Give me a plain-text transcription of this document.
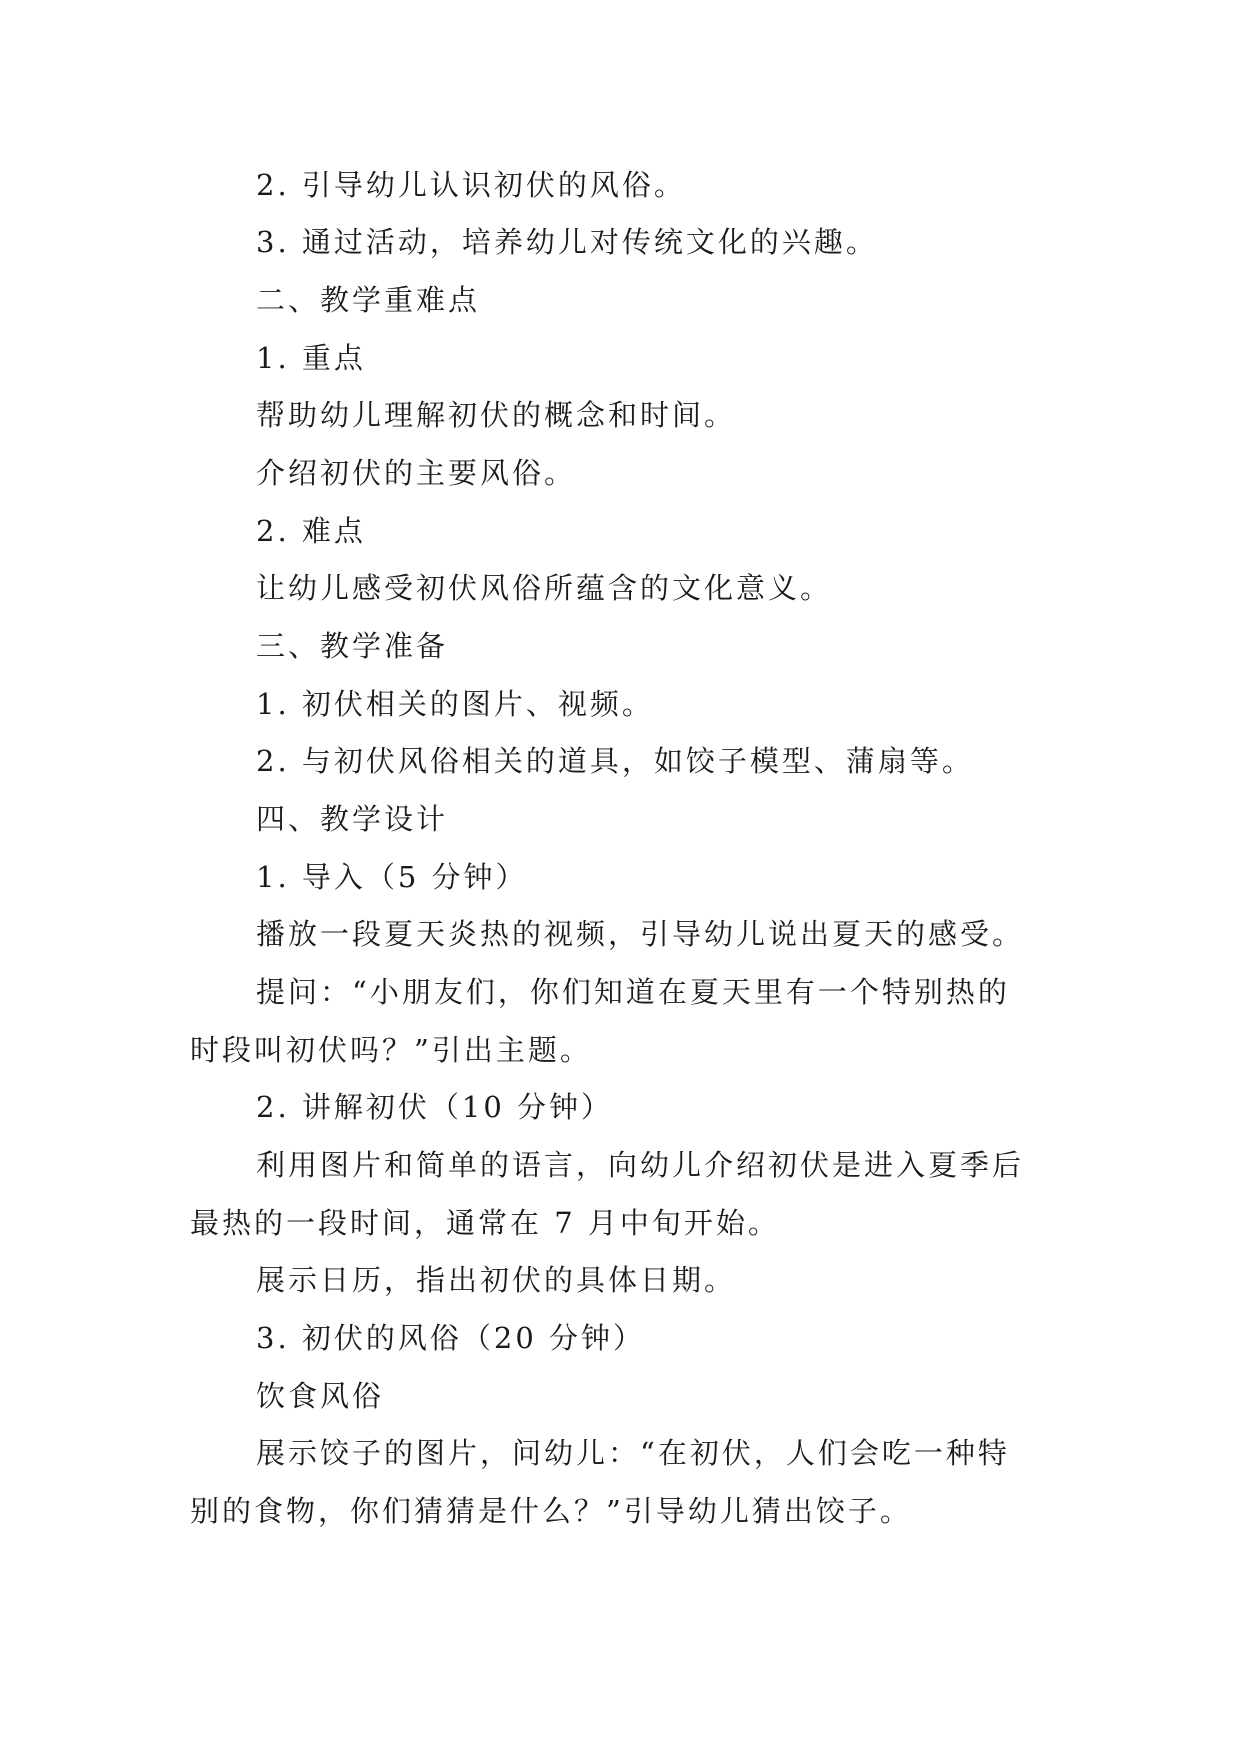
2. 引导幼儿认识初伏的风俗。

3. 通过活动，培养幼儿对传统文化的兴趣。

二、教学重难点

1. 重点

帮助幼儿理解初伏的概念和时间。

介绍初伏的主要风俗。

2. 难点

让幼儿感受初伏风俗所蕴含的文化意义。

三、教学准备

1. 初伏相关的图片、视频。

2. 与初伏风俗相关的道具，如饺子模型、蒲扇等。

四、教学设计

1. 导入（5 分钟）

播放一段夏天炎热的视频，引导幼儿说出夏天的感受。

提问：“小朋友们，你们知道在夏天里有一个特别热的

时段叫初伏吗？”引出主题。

2. 讲解初伏（10 分钟）

利用图片和简单的语言，向幼儿介绍初伏是进入夏季后

最热的一段时间，通常在 7 月中旬开始。

展示日历，指出初伏的具体日期。

3. 初伏的风俗（20 分钟）

饮食风俗

展示饺子的图片，问幼儿：“在初伏，人们会吃一种特

别的食物，你们猜猜是什么？”引导幼儿猜出饺子。
